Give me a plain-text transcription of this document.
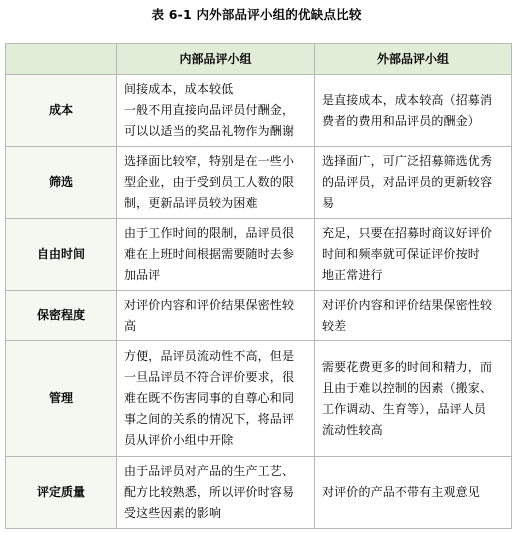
表 6-1 内外部品评小组的优缺点比较
	内部品评小组	外部品评小组
成本	间接成本，成本较低
一般不用直接向品评员付酬金，
可以以适当的奖品礼物作为酬谢	是直接成本，成本较高（招募消
费者的费用和品评员的酬金）

筛选	选择面比较窄，特别是在一些小
型企业，由于受到员工人数的限
制，更新品评员较为困难	选择面广，可广泛招募筛选优秀
的品评员，对品评员的更新较容
易

自由时间	由于工作时间的限制，品评员很
难在上班时间根据需要随时去参
加品评	充足，只要在招募时商议好评价
时间和频率就可保证评价按时
地正常进行

保密程度	对评价内容和评价结果保密性较
高	对评价内容和评价结果保密性较
较差

管理	方便，品评员流动性不高，但是
一旦品评员不符合评价要求，很
难在既不伤害同事的自尊心和同
事之间的关系的情况下，将品评
员从评价小组中开除	需要花费更多的时间和精力，而
且由于难以控制的因素（搬家、
工作调动、生育等），品评人员
流动性较高

评定质量	由于品评员对产品的生产工艺、
配方比较熟悉，所以评价时容易
受这些因素的影响	对评价的产品不带有主观意见
